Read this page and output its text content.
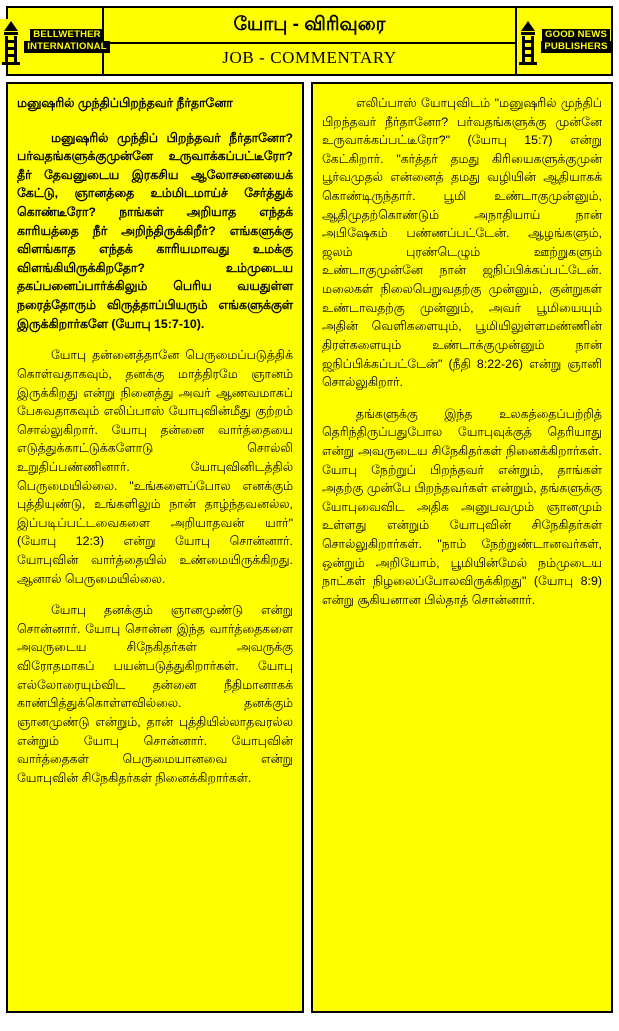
BELLWETHER
INTERNATIONAL
யோபு - விரிவுரை
JOB - COMMENTARY
GOOD NEWS
PUBLISHERS

மனுஷரில் முந்திப்பிறந்தவர் நீர்தானோ

மனுஷரில் முந்திப் பிறந்தவர் நீர்தானோ? பர்வதங்களுக்குமுன்னே உருவாக்கப்பட்டீரோ? தீர் தேவனுடைய இரகசிய ஆலோசனையைக் கேட்டு, ஞானத்தை உம்மிடமாய்ச் சேர்த்துக் கொண்டீரோ? நாங்கள் அறியாத எந்தக் காரியத்தை நீர் அறிந்திருக்கிறீர்? எங்களுக்கு விளங்காத எந்தக் காரியமாவது உமக்கு விளங்கியிருக்கிறதோ? உம்முடைய தகப்பனைப்பார்க்கிலும் பெரிய வயதுள்ள நரைத்தோரும் விருத்தாப்பியரும் எங்களுக்குள் இருக்கிறார்களே (யோபு 15:7-10).

யோபு தன்னைத்தானே பெருமைப்படுத்திக் கொள்வதாகவும், தனக்கு மாத்திரமே ஞானம் இருக்கிறது என்று நினைத்து அவர் ஆணவமாகப் பேசுவதாகவும் எலிப்பாஸ் யோபுவின்மீது குற்றம் சொல்லுகிறார். யோபு தன்னை வார்த்தையை எடுத்துக்காட்டுக்களோடு சொல்லி உறுதிப்பண்ணினார். யோபுவினிடத்தில் பெருமையில்லை. "உங்களைப்போல எனக்கும் புத்தியுண்டு, உங்களிலும் நான் தாழ்ந்தவனல்ல, இப்படிப்பட்டவைகளை அறியாதவன் யார்" (யோபு 12:3) என்று யோபு சொன்னார். யோபுவின் வார்த்தையில் உண்மையிருக்கிறது. ஆனால் பெருமையில்லை.

யோபு தனக்கும் ஞானமுண்டு என்று சொன்னார். யோபு சொன்ன இந்த வார்த்தைகளை அவருடைய சிநேகிதர்கள் அவருக்கு விரோதமாகப் பயன்படுத்துகிறார்கள். யோபு எல்லோரையும்விட தன்னை நீதிமானாகக் காண்பித்துக்கொள்ளவில்லை. தனக்கும் ஞானமுண்டு என்றும், தான் புத்தியில்லாதவரல்ல என்றும் யோபு சொன்னார். யோபுவின் வார்த்தைகள் பெருமையானவை என்று யோபுவின் சிநேகிதர்கள் நினைக்கிறார்கள்.

எலிப்பாஸ் யோபுவிடம் "மனுஷரில் முந்திப் பிறந்தவர் நீர்தானோ? பர்வதங்களுக்கு முன்னே உருவாக்கப்பட்டீரோ?" (யோபு 15:7) என்று கேட்கிறார். "கர்த்தர் தமது கிரியைகளுக்குமுன் பூர்வமுதல் என்னைத் தமது வழியின் ஆதியாகக் கொண்டிருந்தார். பூமி உண்டாகுமுன்னும், ஆதிமுதற்கொண்டும் அநாதியாய் நான் அபிஷேகம் பண்ணப்பட்டேன். ஆழங்களும், ஜலம் புரண்டெழும் ஊற்றுகளும் உண்டாகுமுன்னே நான் ஜநிப்பிக்கப்பட்டேன். மலைகள் நிலைபெறுவதற்கு முன்னும், குன்றுகள் உண்டாவதற்கு முன்னும், அவர் பூமியையும் அதின் வெளிகளையும், பூமியிலுள்ளமண்ணின் திரள்களையும் உண்டாக்குமுன்னும் நான் ஜநிப்பிக்கப்பட்டேன்" (நீதி 8:22-26) என்று ஞானி சொல்லுகிறார்.

தங்களுக்கு இந்த உலகத்தைப்பற்றித் தெரிந்திருப்பதுபோல யோபுவுக்குத் தெரியாது என்று அவருடைய சிநேகிதர்கள் நினைக்கிறார்கள். யோபு நேற்றுப் பிறந்தவர் என்றும், தாங்கள் அதற்கு முன்பே பிறந்தவர்கள் என்றும், தங்களுக்கு யோபுவைவிட அதிக அனுபவமும் ஞானமும் உள்ளது என்றும் யோபுவின் சிநேகிதர்கள் சொல்லுகிறார்கள். "நாம் நேற்றுண்டானவர்கள், ஒன்றும் அறியோம், பூமியின்மேல் நம்முடைய நாட்கள் நிழலைப்போலவிருக்கிறது" (யோபு 8:9) என்று சூகியனான பில்தாத் சொன்னார்.
